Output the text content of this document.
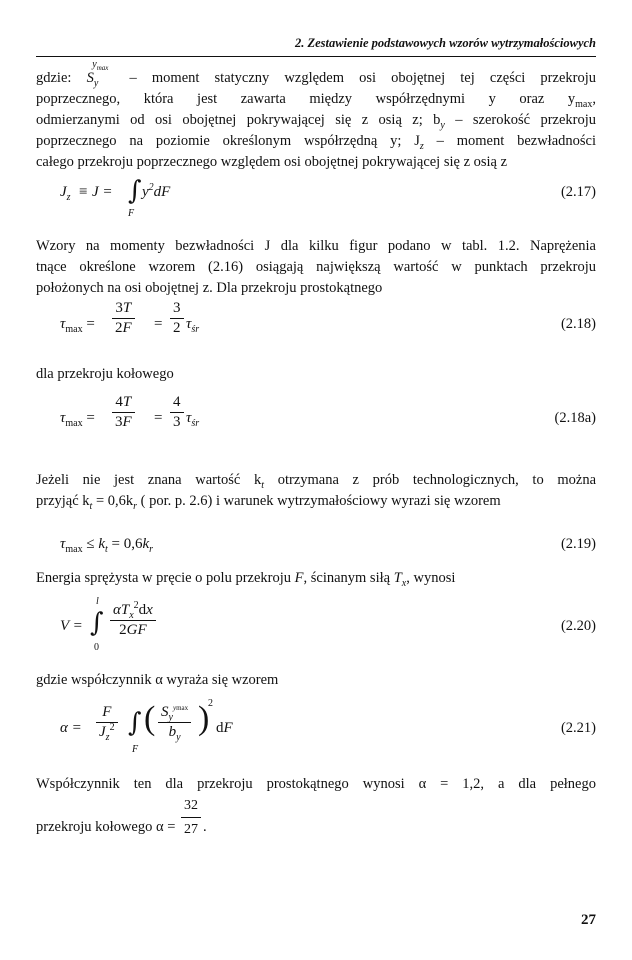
2. Zestawienie podstawowych wzorów wytrzymałościowych
gdzie: $S_y^{y_{max}}$ – moment statyczny względem osi obojętnej tej części przekroju
poprzecznego, która jest zawarta między współrzędnymi y oraz $y_{max}$,
odmierzanymi od osi obojętnej pokrywającej się z osią z; $b_y$ – szerokość przekroju
poprzecznego na poziomie określonym współrzędną y; $J_z$ – moment bezwładności
całego przekroju poprzecznego względem osi obojętnej pokrywającej się z osią z
$J_z \equiv J$ = ∫
F
$y^2dF$	(2.17)
Wzory na momenty bezwładności J dla kilku figur podano w tabl. 1.2. Naprężenia
tnące określone wzorem (2.16) osiągają największą wartość w punktach przekroju
położonych na osi obojętnej z. Dla przekroju prostokątnego
$\tau_{max} = \frac{3T}{2F} = \frac{3}{2} \tau_{śr}$	(2.18)
dla przekroju kołowego
$\tau_{max} = \frac{4T}{3F} = \frac{4}{3} \tau_{śr}$	(2.18a)
Jeżeli nie jest znana wartość $k_t$ otrzymana z prób technologicznych, to można
przyjąć $k_t = 0,6k_r$ ( por. p. 2.6) i warunek wytrzymałościowy wyrazi się wzorem
$\tau_{max} \le k_t = 0,6k_r$	(2.19)
Energia sprężysta w pręcie o polu przekroju F, ścinanym siłą $T_x$, wynosi
V =
l
∫
0
$\alpha T_x^2dx$
2GF	(2.20)
gdzie współczynnik α wyraża się wzorem
$\alpha = \frac{F}{J_z^2}$ ∫
F
( $S_y^{ymax}$
$b_y$
)
2
dF	(2.21)
Współczynnik ten dla przekroju prostokątnego wynosi α = 1,2, a dla pełnego
przekroju kołowego $\alpha = \frac{32}{27}$ .
27
